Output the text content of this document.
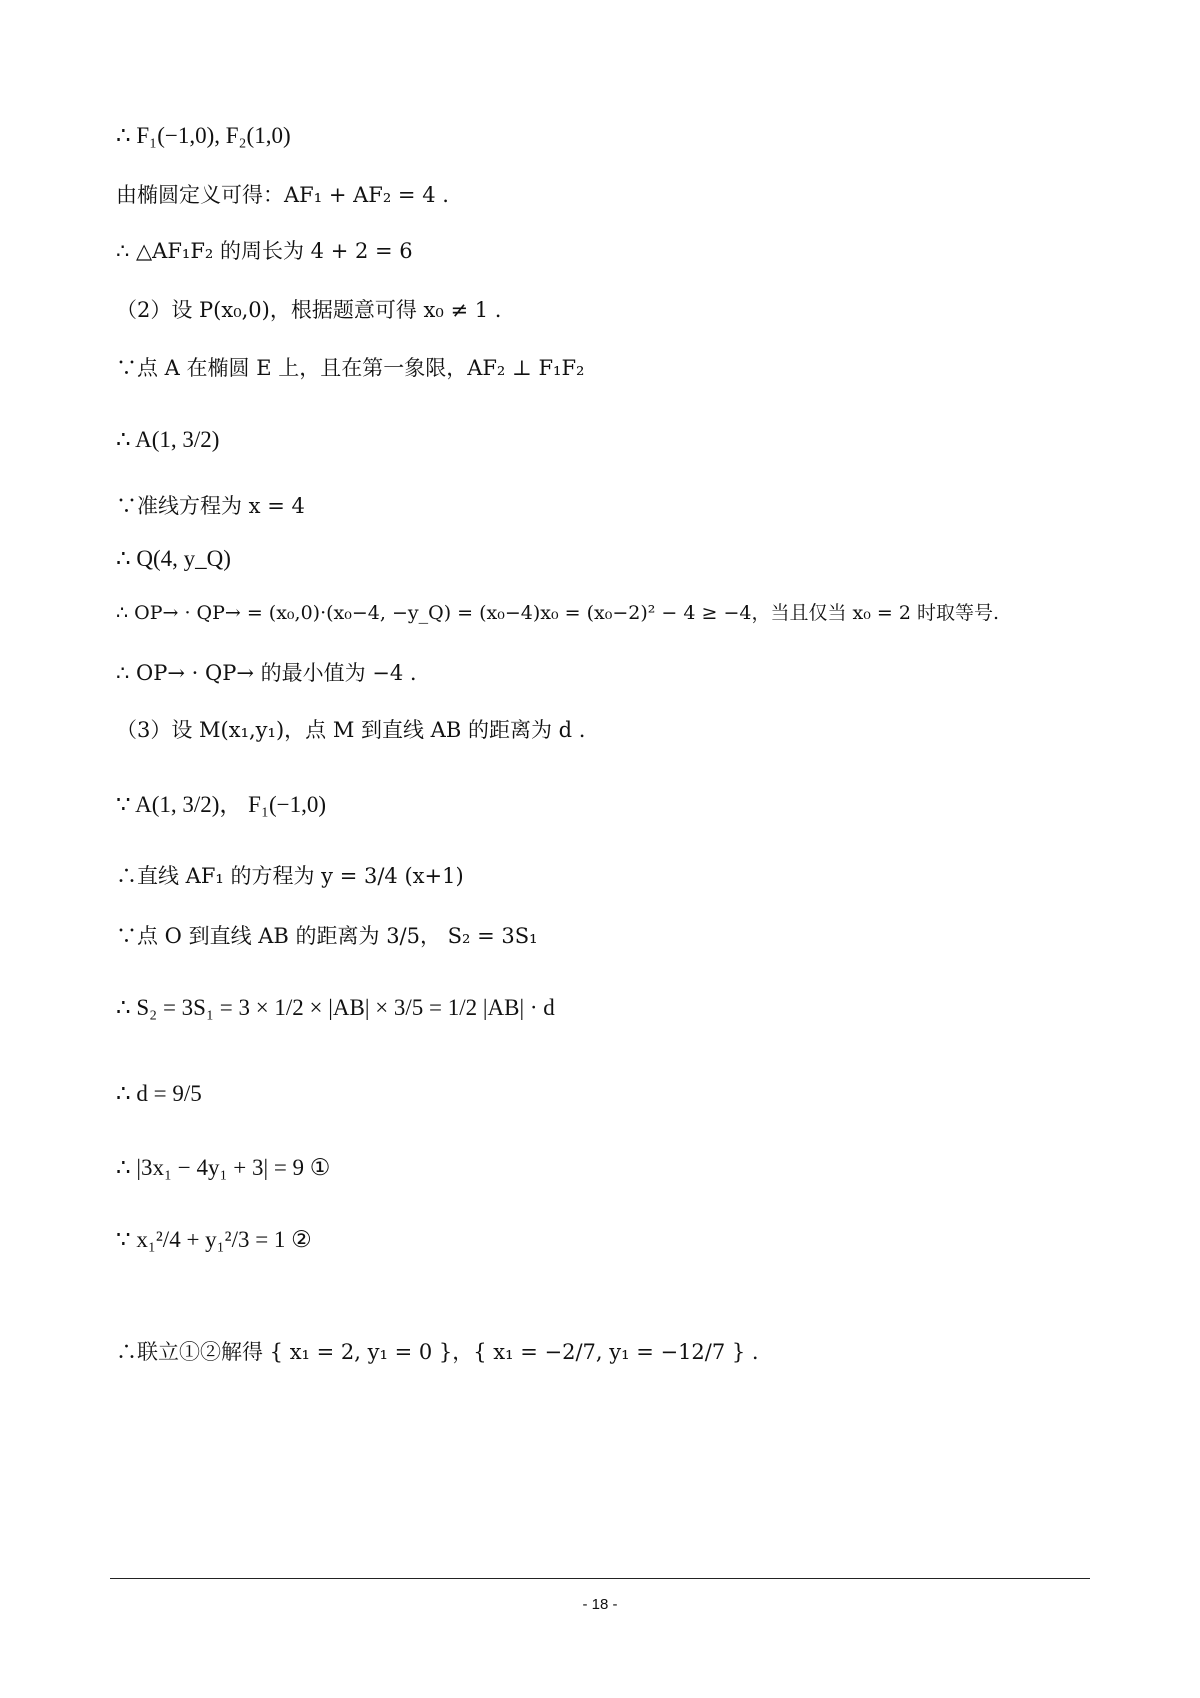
∴ F₁(−1,0), F₂(1,0)
由椭圆定义可得：AF₁ + AF₂ = 4 .
∴ △AF₁F₂ 的周长为 4 + 2 = 6
（2）设 P(x₀,0)，根据题意可得 x₀ ≠ 1 .
∵点 A 在椭圆 E 上，且在第一象限，AF₂ ⊥ F₁F₂
∴ A(1, 3/2)
∵准线方程为 x = 4
∴ Q(4, y_Q)
∴ OP→ · QP→ = (x₀,0)·(x₀−4, −y_Q) = (x₀−4)x₀ = (x₀−2)² − 4 ≥ −4，当且仅当 x₀ = 2 时取等号.
∴ OP→ · QP→ 的最小值为 −4 .
（3）设 M(x₁,y₁)，点 M 到直线 AB 的距离为 d .
∵ A(1, 3/2)， F₁(−1,0)
∴直线 AF₁ 的方程为 y = 3/4 (x+1)
∵点 O 到直线 AB 的距离为 3/5， S₂ = 3S₁
∴ S₂ = 3S₁ = 3 × 1/2 × |AB| × 3/5 = 1/2 |AB| · d
∴ d = 9/5
∴ |3x₁ − 4y₁ + 3| = 9 ①
∵ x₁²/4 + y₁²/3 = 1 ②
∴联立①②解得 { x₁ = 2, y₁ = 0 }，{ x₁ = −2/7, y₁ = −12/7 } .
- 18 -
